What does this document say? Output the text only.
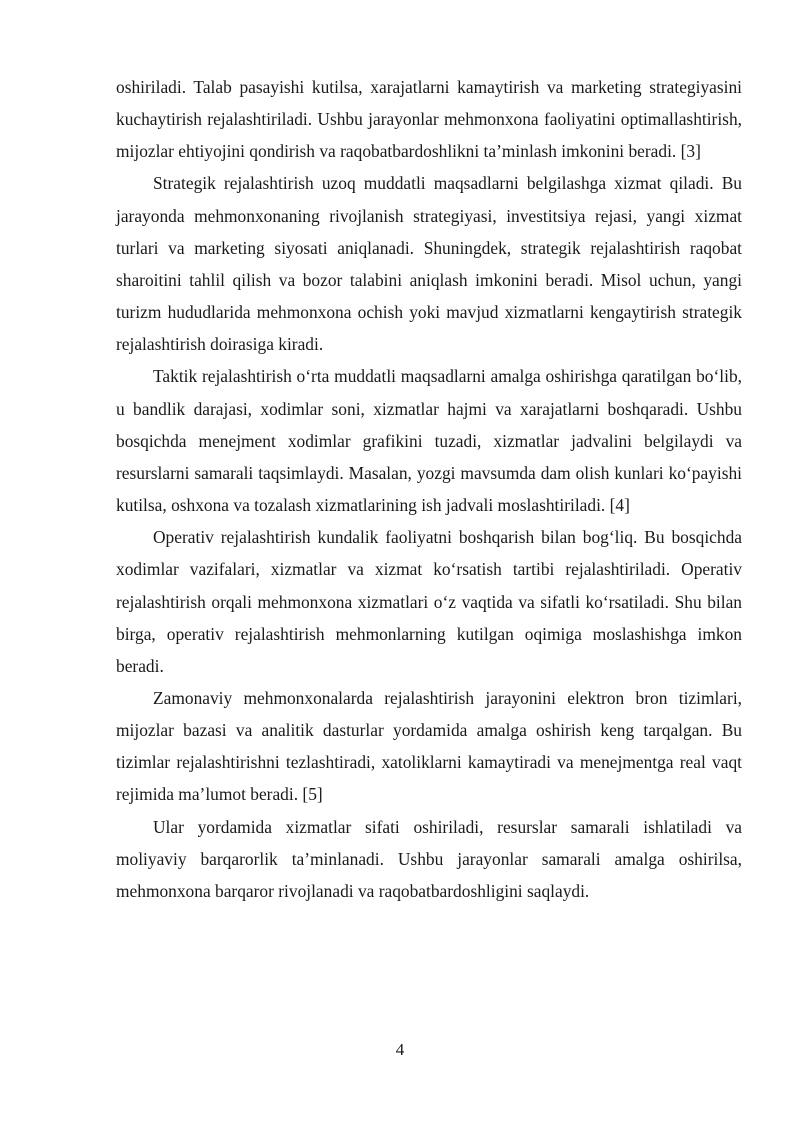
oshiriladi. Talab pasayishi kutilsa, xarajatlarni kamaytirish va marketing strategiyasini kuchaytirish rejalashtiriladi. Ushbu jarayonlar mehmonxona faoliyatini optimallashtirish, mijozlar ehtiyojini qondirish va raqobatbardoshlikni ta’minlash imkonini beradi. [3]

Strategik rejalashtirish uzoq muddatli maqsadlarni belgilashga xizmat qiladi. Bu jarayonda mehmonxonaning rivojlanish strategiyasi, investitsiya rejasi, yangi xizmat turlari va marketing siyosati aniqlanadi. Shuningdek, strategik rejalashtirish raqobat sharoitini tahlil qilish va bozor talabini aniqlash imkonini beradi. Misol uchun, yangi turizm hududlarida mehmonxona ochish yoki mavjud xizmatlarni kengaytirish strategik rejalashtirish doirasiga kiradi.

Taktik rejalashtirish o‘rta muddatli maqsadlarni amalga oshirishga qaratilgan bo‘lib, u bandlik darajasi, xodimlar soni, xizmatlar hajmi va xarajatlarni boshqaradi. Ushbu bosqichda menejment xodimlar grafikini tuzadi, xizmatlar jadvalini belgilaydi va resurslarni samarali taqsimlaydi. Masalan, yozgi mavsumda dam olish kunlari ko‘payishi kutilsa, oshxona va tozalash xizmatlarining ish jadvali moslashtiriladi. [4]

Operativ rejalashtirish kundalik faoliyatni boshqarish bilan bog‘liq. Bu bosqichda xodimlar vazifalari, xizmatlar va xizmat ko‘rsatish tartibi rejalashtiriladi. Operativ rejalashtirish orqali mehmonxona xizmatlari o‘z vaqtida va sifatli ko‘rsatiladi. Shu bilan birga, operativ rejalashtirish mehmonlarning kutilgan oqimiga moslashishga imkon beradi.

Zamonaviy mehmonxonalarda rejalashtirish jarayonini elektron bron tizimlari, mijozlar bazasi va analitik dasturlar yordamida amalga oshirish keng tarqalgan. Bu tizimlar rejalashtirishni tezlashtiradi, xatoliklarni kamaytiradi va menejmentga real vaqt rejimida ma’lumot beradi. [5]

Ular yordamida xizmatlar sifati oshiriladi, resurslar samarali ishlatiladi va moliyaviy barqarorlik ta’minlanadi. Ushbu jarayonlar samarali amalga oshirilsa, mehmonxona barqaror rivojlanadi va raqobatbardoshligini saqlaydi.

4
